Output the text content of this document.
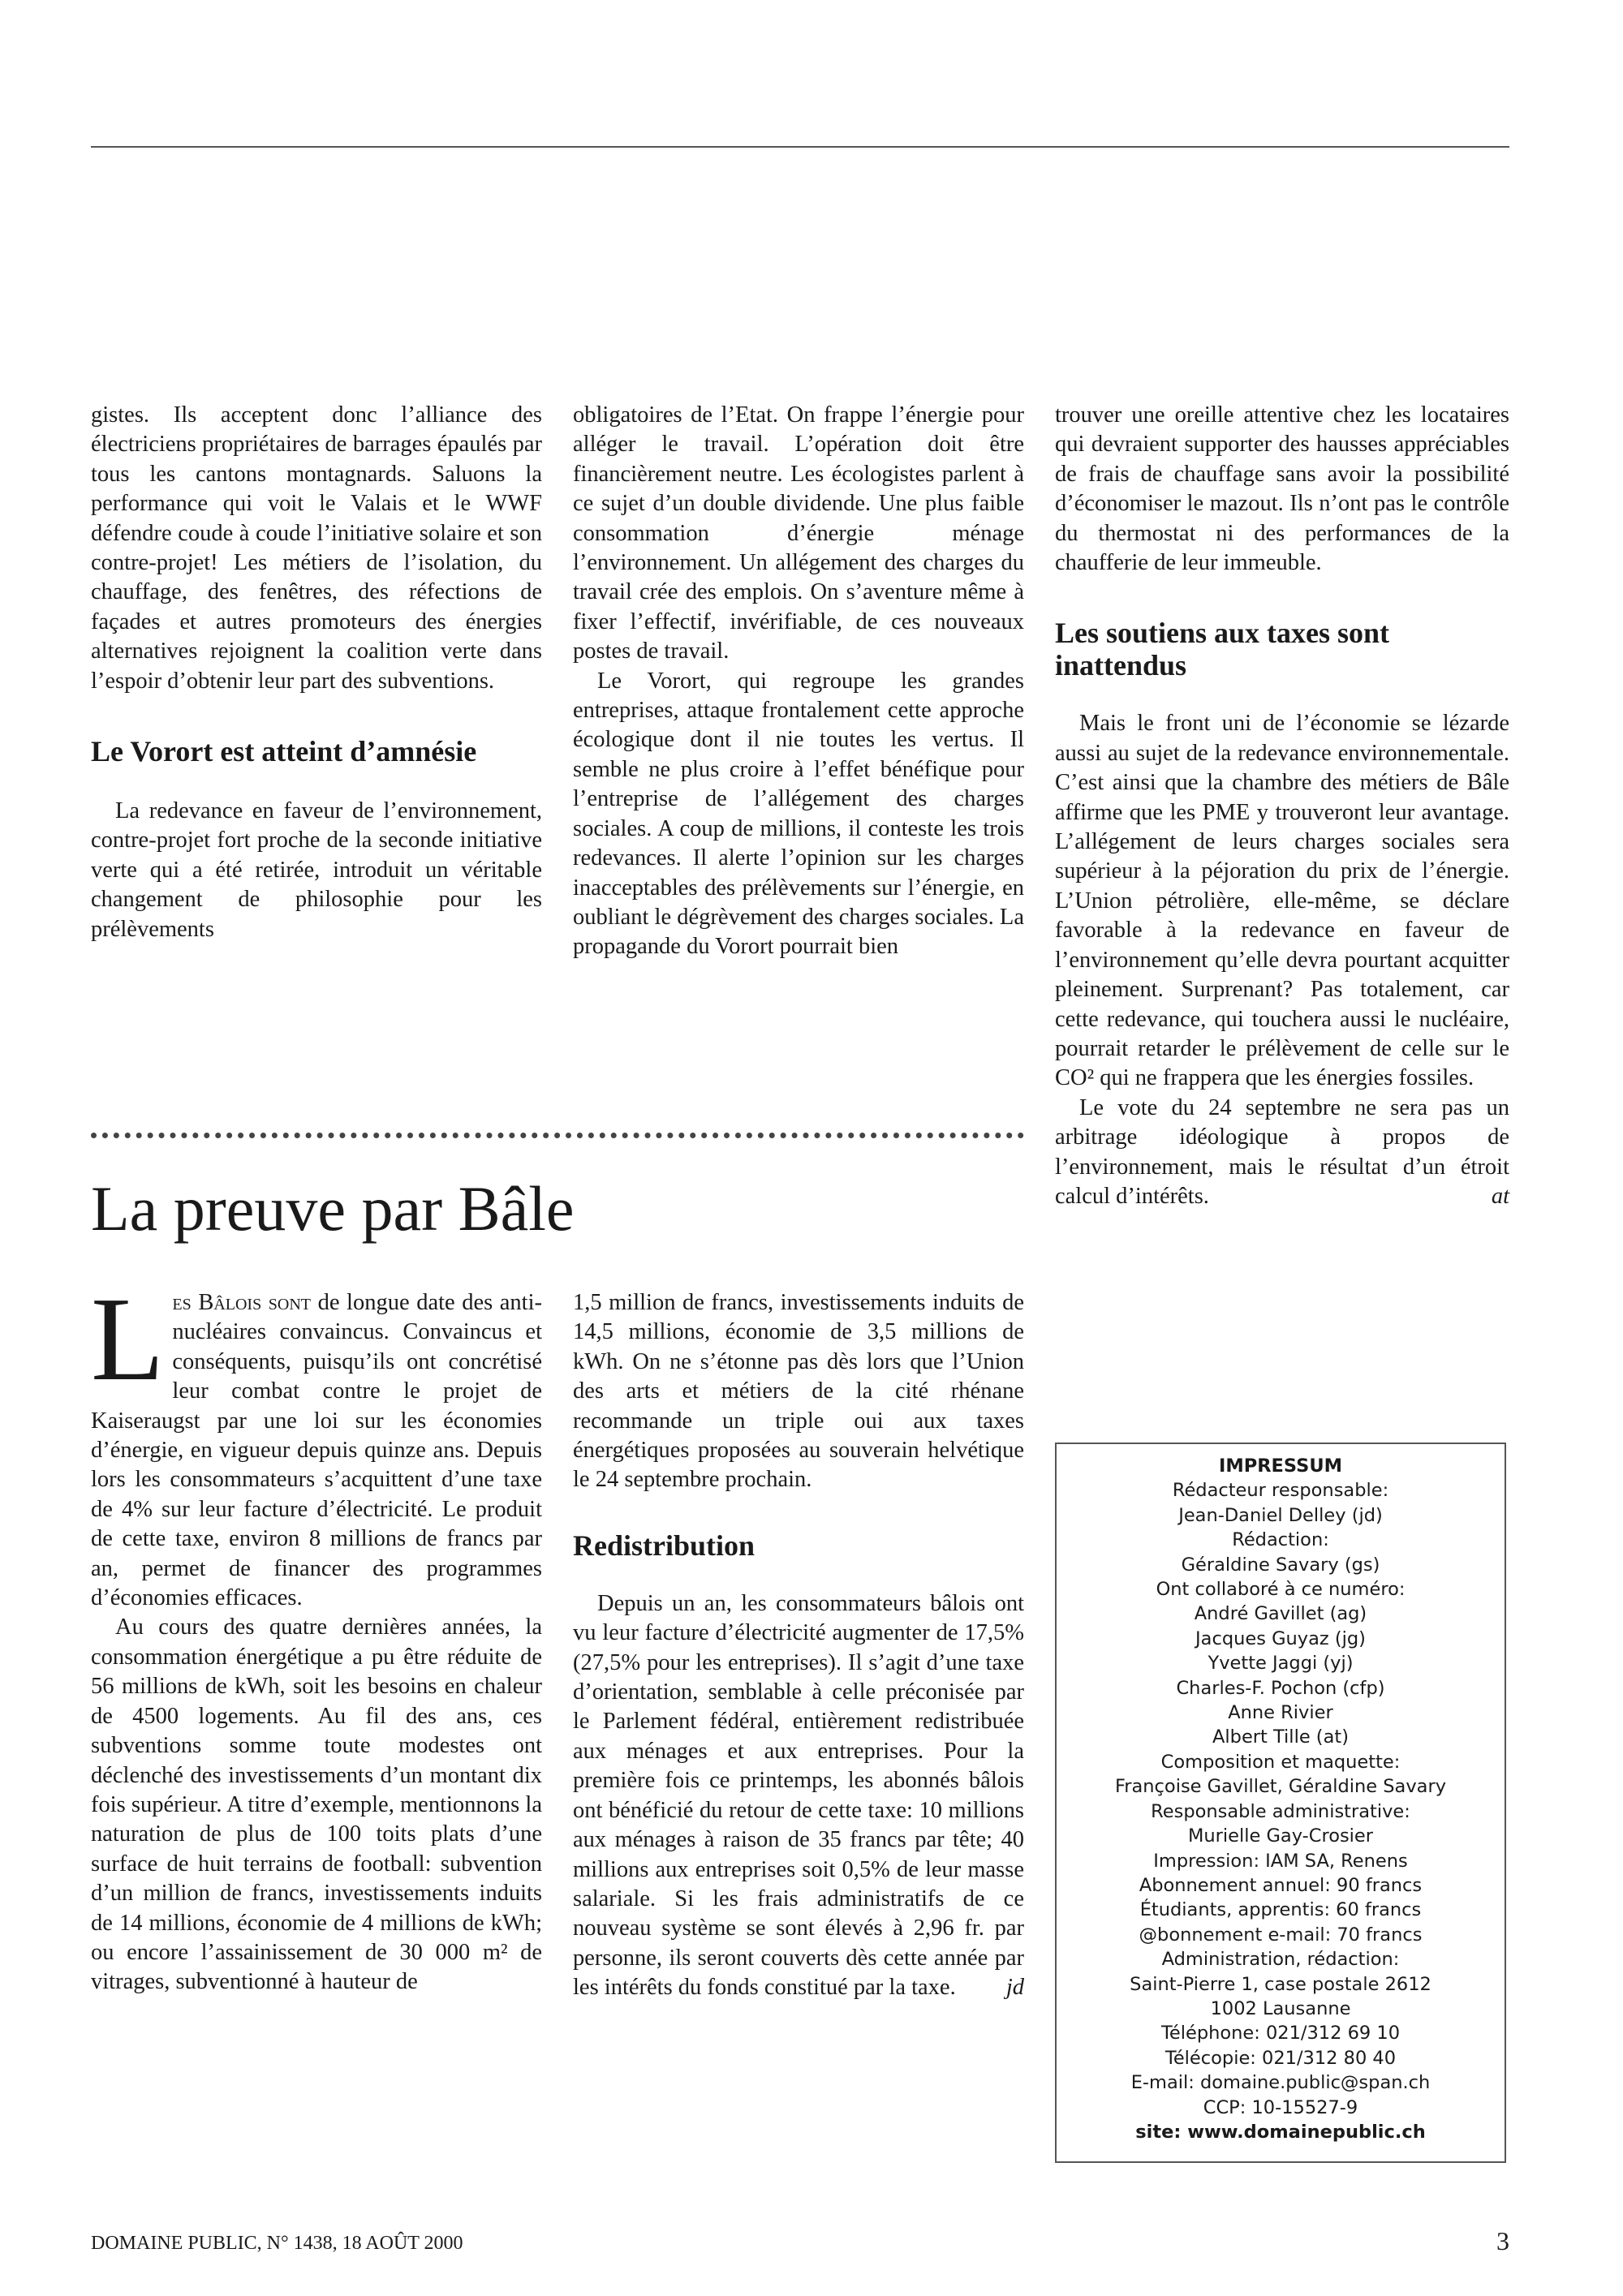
gistes. Ils acceptent donc l’alliance des électriciens propriétaires de barrages épaulés par tous les cantons montagnards. Saluons la performance qui voit le Valais et le WWF défendre coude à coude l’initiative solaire et son contre-projet! Les métiers de l’isolation, du chauffage, des fenêtres, des réfections de façades et autres promoteurs des énergies alternatives rejoignent la coalition verte dans l’espoir d’obtenir leur part des subventions.

Le Vorort est atteint d’amnésie

La redevance en faveur de l’environnement, contre-projet fort proche de la seconde initiative verte qui a été retirée, introduit un véritable changement de philosophie pour les prélèvements

obligatoires de l’Etat. On frappe l’énergie pour alléger le travail. L’opération doit être financièrement neutre. Les écologistes parlent à ce sujet d’un double dividende. Une plus faible consommation d’énergie ménage l’environnement. Un allégement des charges du travail crée des emplois. On s’aventure même à fixer l’effectif, invérifiable, de ces nouveaux postes de travail.

Le Vorort, qui regroupe les grandes entreprises, attaque frontalement cette approche écologique dont il nie toutes les vertus. Il semble ne plus croire à l’effet bénéfique pour l’entreprise de l’allégement des charges sociales. A coup de millions, il conteste les trois redevances. Il alerte l’opinion sur les charges inacceptables des prélèvements sur l’énergie, en oubliant le dégrèvement des charges sociales. La propagande du Vorort pourrait bien

trouver une oreille attentive chez les locataires qui devraient supporter des hausses appréciables de frais de chauffage sans avoir la possibilité d’économiser le mazout. Ils n’ont pas le contrôle du thermostat ni des performances de la chaufferie de leur immeuble.

Les soutiens aux taxes sont inattendus

Mais le front uni de l’économie se lézarde aussi au sujet de la redevance environnementale. C’est ainsi que la chambre des métiers de Bâle affirme que les PME y trouveront leur avantage. L’allégement de leurs charges sociales sera supérieur à la péjoration du prix de l’énergie. L’Union pétrolière, elle-même, se déclare favorable à la redevance en faveur de l’environnement qu’elle devra pourtant acquitter pleinement. Surprenant? Pas totalement, car cette redevance, qui touchera aussi le nucléaire, pourrait retarder le prélèvement de celle sur le CO² qui ne frappera que les énergies fossiles.

Le vote du 24 septembre ne sera pas un arbitrage idéologique à propos de l’environnement, mais le résultat d’un étroit calcul d’intérêts.	at

La preuve par Bâle

Les Bâlois sont de longue date des anti-nucléaires convaincus. Convaincus et conséquents, puisqu’ils ont concrétisé leur combat contre le projet de Kaiseraugst par une loi sur les économies d’énergie, en vigueur depuis quinze ans. Depuis lors les consommateurs s’acquittent d’une taxe de 4% sur leur facture d’électricité. Le produit de cette taxe, environ 8 millions de francs par an, permet de financer des programmes d’économies efficaces.

Au cours des quatre dernières années, la consommation énergétique a pu être réduite de 56 millions de kWh, soit les besoins en chaleur de 4500 logements. Au fil des ans, ces subventions somme toute modestes ont déclenché des investissements d’un montant dix fois supérieur. A titre d’exemple, mentionnons la naturation de plus de 100 toits plats d’une surface de huit terrains de football: subvention d’un million de francs, investissements induits de 14 millions, économie de 4 millions de kWh; ou encore l’assainissement de 30 000 m² de vitrages, subventionné à hauteur de

1,5 million de francs, investissements induits de 14,5 millions, économie de 3,5 millions de kWh. On ne s’étonne pas dès lors que l’Union des arts et métiers de la cité rhénane recommande un triple oui aux taxes énergétiques proposées au souverain helvétique le 24 septembre prochain.

Redistribution

Depuis un an, les consommateurs bâlois ont vu leur facture d’électricité augmenter de 17,5% (27,5% pour les entreprises). Il s’agit d’une taxe d’orientation, semblable à celle préconisée par le Parlement fédéral, entièrement redistribuée aux ménages et aux entreprises. Pour la première fois ce printemps, les abonnés bâlois ont bénéficié du retour de cette taxe: 10 millions aux ménages à raison de 35 francs par tête; 40 millions aux entreprises soit 0,5% de leur masse salariale. Si les frais administratifs de ce nouveau système se sont élevés à 2,96 fr. par personne, ils seront couverts dès cette année par les intérêts du fonds constitué par la taxe.	jd

IMPRESSUM
Rédacteur responsable:
Jean-Daniel Delley (jd)
Rédaction:
Géraldine Savary (gs)
Ont collaboré à ce numéro:
André Gavillet (ag)
Jacques Guyaz (jg)
Yvette Jaggi (yj)
Charles-F. Pochon (cfp)
Anne Rivier
Albert Tille (at)
Composition et maquette:
Françoise Gavillet, Géraldine Savary
Responsable administrative:
Murielle Gay-Crosier
Impression: IAM SA, Renens
Abonnement annuel: 90 francs
Étudiants, apprentis: 60 francs
@bonnement e-mail: 70 francs
Administration, rédaction:
Saint-Pierre 1, case postale 2612
1002 Lausanne
Téléphone: 021/312 69 10
Télécopie: 021/312 80 40
E-mail: domaine.public@span.ch
CCP: 10-15527-9
site: www.domainepublic.ch
DOMAINE PUBLIC, N° 1438, 18 AOÛT 2000	3
